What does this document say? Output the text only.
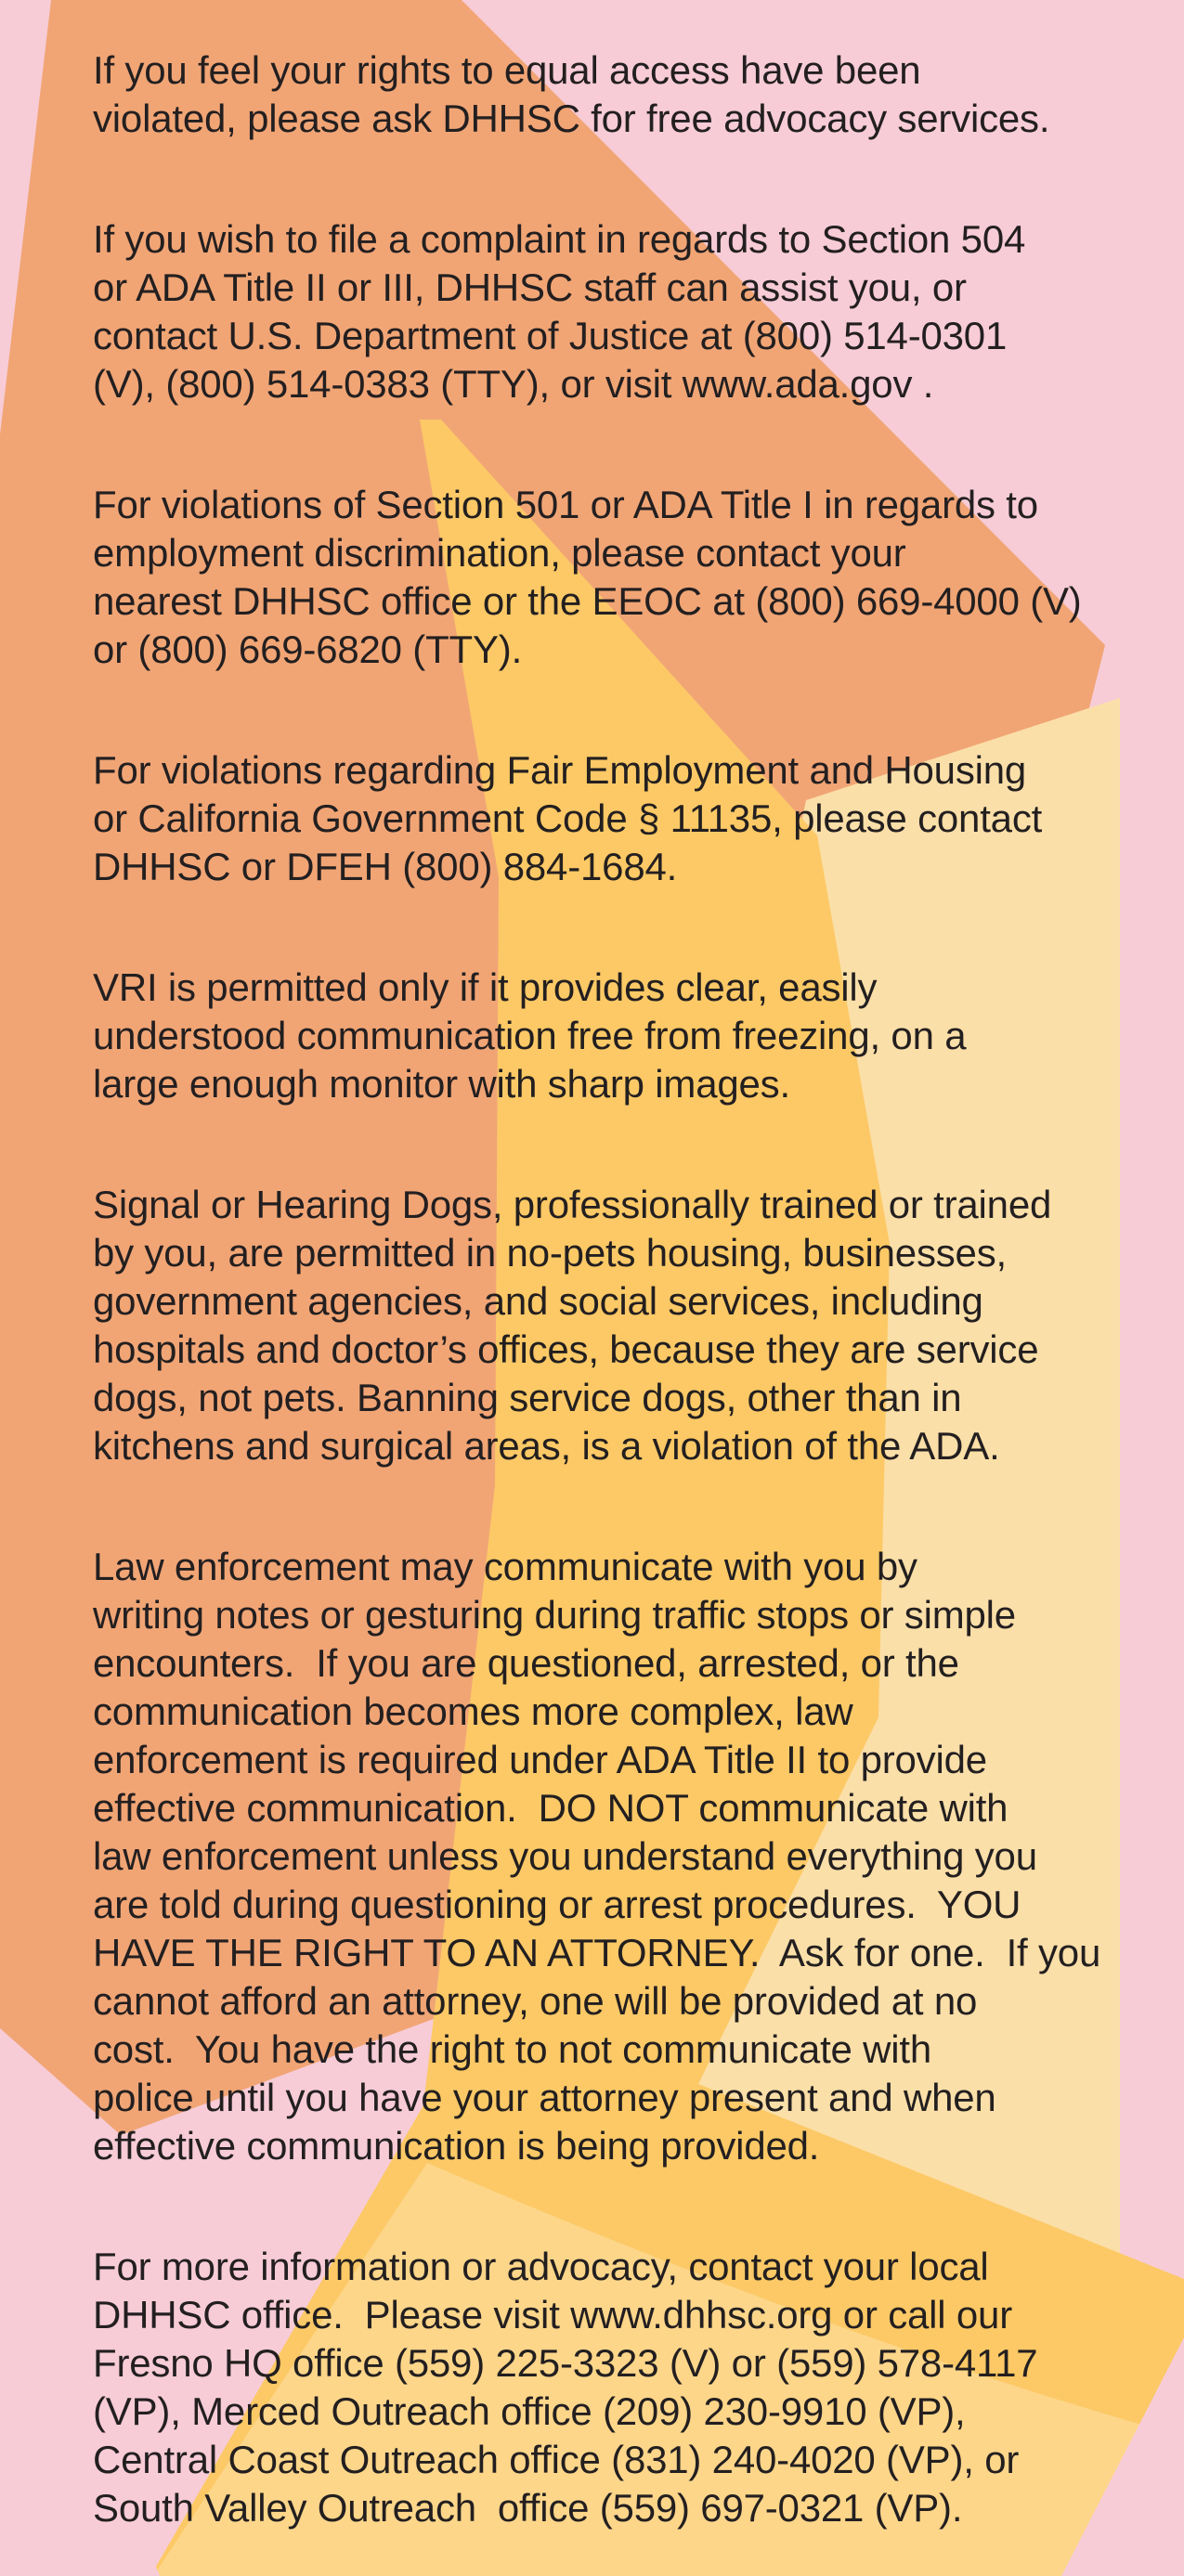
If you feel your rights to equal access have been
violated, please ask DHHSC for free advocacy services.
If you wish to file a complaint in regards to Section 504
or ADA Title II or III, DHHSC staff can assist you, or
contact U.S. Department of Justice at (800) 514-0301
(V), (800) 514-0383 (TTY), or visit www.ada.gov .
For violations of Section 501 or ADA Title I in regards to
employment discrimination, please contact your
nearest DHHSC office or the EEOC at (800) 669-4000 (V)
or (800) 669-6820 (TTY).
For violations regarding Fair Employment and Housing
or California Government Code § 11135, please contact
DHHSC or DFEH (800) 884-1684.
VRI is permitted only if it provides clear, easily
understood communication free from freezing, on a
large enough monitor with sharp images.
Signal or Hearing Dogs, professionally trained or trained
by you, are permitted in no-pets housing, businesses,
government agencies, and social services, including
hospitals and doctor’s offices, because they are service
dogs, not pets. Banning service dogs, other than in
kitchens and surgical areas, is a violation of the ADA.
Law enforcement may communicate with you by
writing notes or gesturing during traffic stops or simple
encounters.  If you are questioned, arrested, or the
communication becomes more complex, law
enforcement is required under ADA Title II to provide
effective communication.  DO NOT communicate with
law enforcement unless you understand everything you
are told during questioning or arrest procedures.  YOU
HAVE THE RIGHT TO AN ATTORNEY.  Ask for one.  If you
cannot afford an attorney, one will be provided at no
cost.  You have the right to not communicate with
police until you have your attorney present and when
effective communication is being provided.
For more information or advocacy, contact your local
DHHSC office.  Please visit www.dhhsc.org or call our
Fresno HQ office (559) 225-3323 (V) or (559) 578-4117
(VP), Merced Outreach office (209) 230-9910 (VP),
Central Coast Outreach office (831) 240-4020 (VP), or
South Valley Outreach  office (559) 697-0321 (VP).
